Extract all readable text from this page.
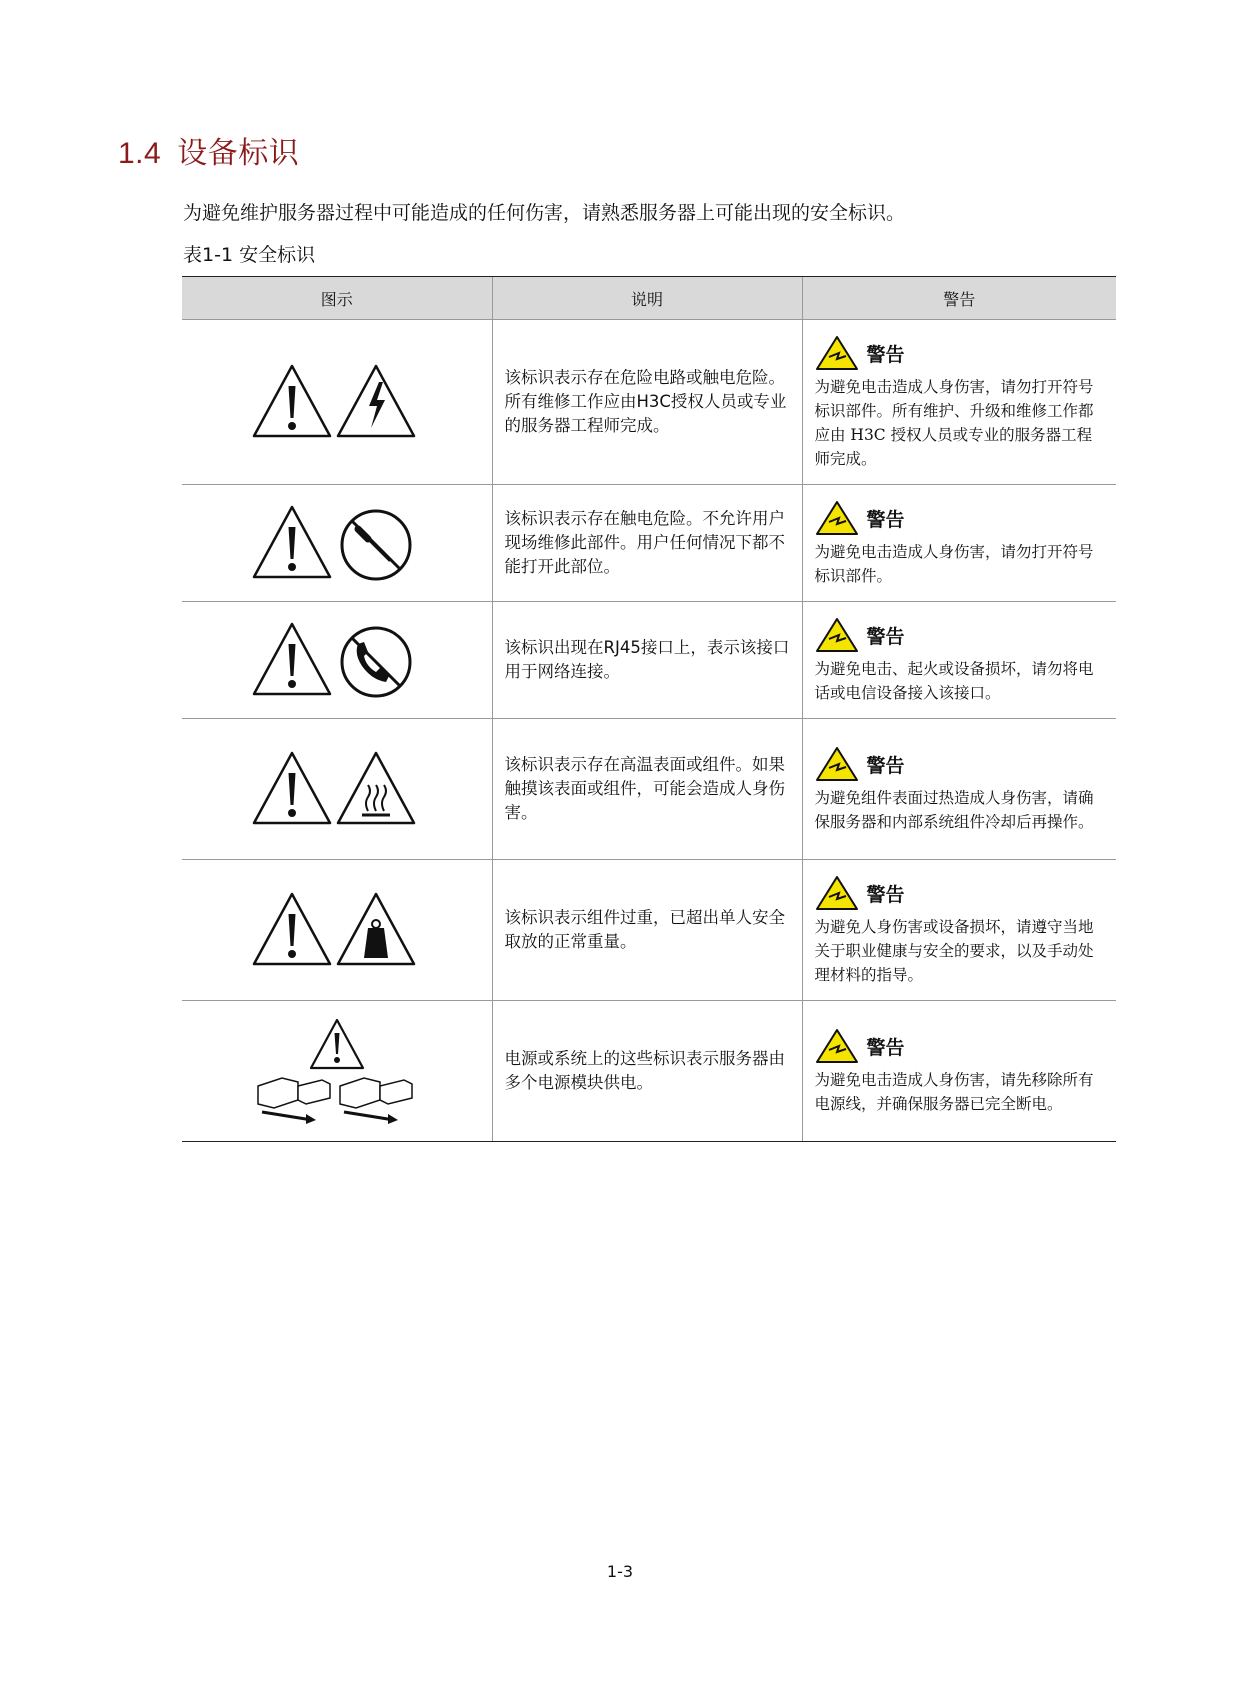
1.4 设备标识
为避免维护服务器过程中可能造成的任何伤害，请熟悉服务器上可能出现的安全标识。
表1-1 安全标识
图示	说明	警告

	该标识表示存在危险电路或触电危险。所有维修工作应由H3C授权人员或专业的服务器工程师完成。	警告
为避免电击造成人身伤害，请勿打开符号标识部件。所有维护、升级和维修工作都应由 H3C 授权人员或专业的服务器工程师完成。

	该标识表示存在触电危险。不允许用户现场维修此部件。用户任何情况下都不能打开此部位。	警告
为避免电击造成人身伤害，请勿打开符号标识部件。

	该标识出现在RJ45接口上，表示该接口用于网络连接。	警告
为避免电击、起火或设备损坏，请勿将电话或电信设备接入该接口。

	该标识表示存在高温表面或组件。如果触摸该表面或组件，可能会造成人身伤害。	警告
为避免组件表面过热造成人身伤害，请确保服务器和内部系统组件冷却后再操作。

	该标识表示组件过重，已超出单人安全取放的正常重量。	警告
为避免人身伤害或设备损坏，请遵守当地关于职业健康与安全的要求，以及手动处理材料的指导。

	电源或系统上的这些标识表示服务器由多个电源模块供电。	警告
为避免电击造成人身伤害，请先移除所有电源线，并确保服务器已完全断电。
1-3
